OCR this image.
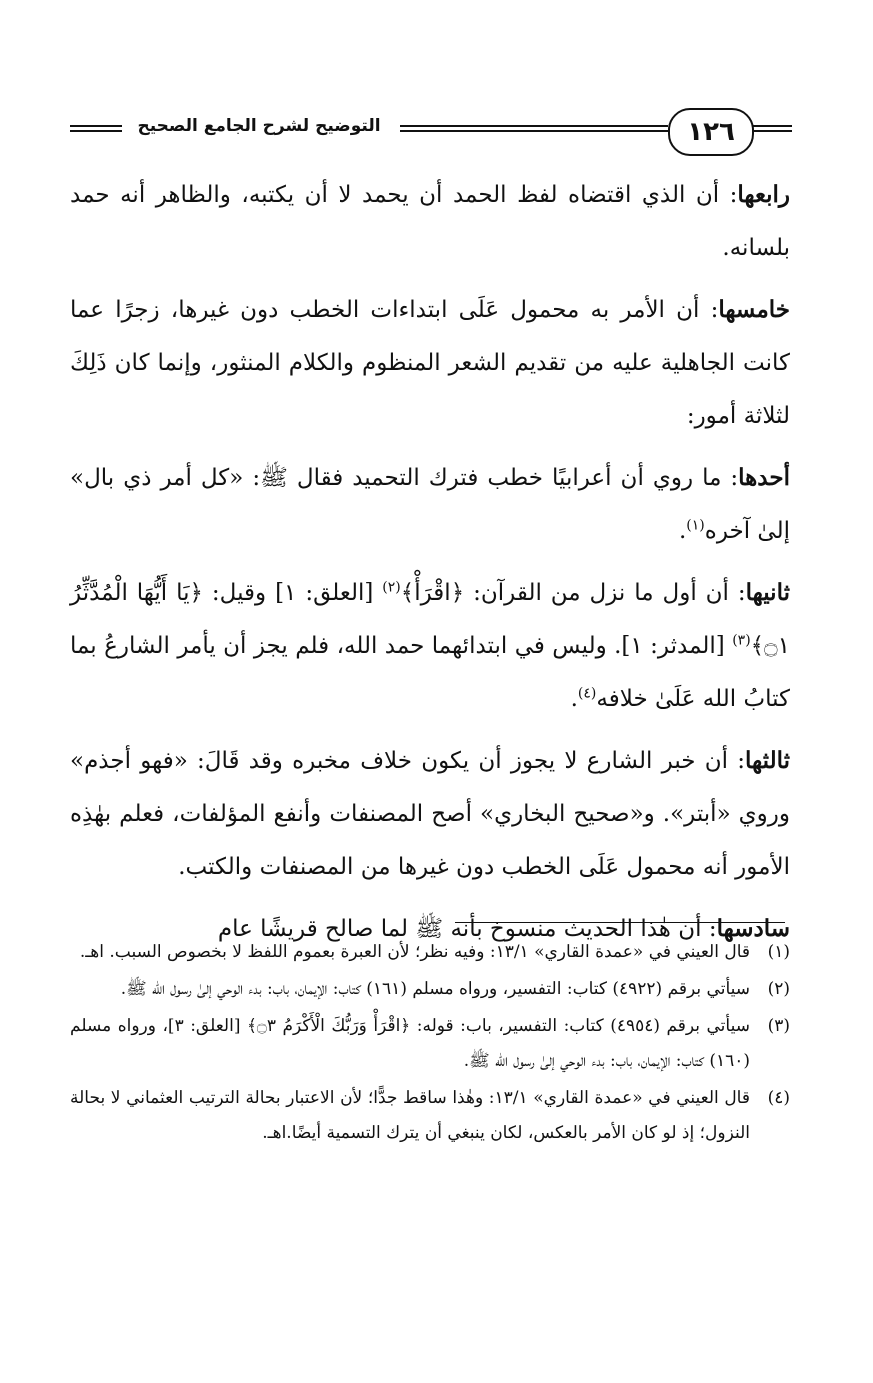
١٢٦
التوضيح لشرح الجامع الصحيح

رابعها: أن الذي اقتضاه لفظ الحمد أن يحمد لا أن يكتبه، والظاهر أنه حمد بلسانه.

خامسها: أن الأمر به محمول عَلَى ابتداءات الخطب دون غيرها، زجرًا عما كانت الجاهلية عليه من تقديم الشعر المنظوم والكلام المنثور، وإنما كان ذَلِكَ لثلاثة أمور:

أحدها: ما روي أن أعرابيًا خطب فترك التحميد فقال ﷺ: «كل أمر ذي بال» إلىٰ آخره$^{(١)}$.

ثانيها: أن أول ما نزل من القرآن: ﴿اقْرَأْ﴾$^{(٢)}$ [العلق: ١] وقيل: ﴿يَا أَيُّهَا الْمُدَّثِّرُ ۝١﴾$^{(٣)}$ [المدثر: ١]. وليس في ابتدائهما حمد الله، فلم يجز أن يأمر الشارعُ بما كتابُ الله عَلَىٰ خلافه$^{(٤)}$.

ثالثها: أن خبر الشارع لا يجوز أن يكون خلاف مخبره وقد قَالَ: «فهو أجذم» وروي «أبتر». و«صحيح البخاري» أصح المصنفات وأنفع المؤلفات، فعلم بهٰذِه الأمور أنه محمول عَلَى الخطب دون غيرها من المصنفات والكتب.

سادسها: أن هٰذا الحديث منسوخ بأنه ﷺ لما صالح قريشًا عام

(١)
قال العيني في «عمدة القاري» ١٣/١: وفيه نظر؛ لأن العبرة بعموم اللفظ لا بخصوص السبب. اهـ.
(٢)
سيأتي برقم (٤٩٢٢) كتاب: التفسير، ورواه مسلم (١٦١) كتاب: الإيمان، باب: بدء الوحي إلىٰ رسول الله ﷺ.
(٣)
سيأتي برقم (٤٩٥٤) كتاب: التفسير، باب: قوله: ﴿اقْرَأْ وَرَبُّكَ الْأَكْرَمُ ۝٣﴾ [العلق: ٣]، ورواه مسلم (١٦٠) كتاب: الإيمان، باب: بدء الوحي إلىٰ رسول الله ﷺ.
(٤)
قال العيني في «عمدة القاري» ١٣/١: وهٰذا ساقط جدًّا؛ لأن الاعتبار بحالة الترتيب العثماني لا بحالة النزول؛ إذ لو كان الأمر بالعكس، لكان ينبغي أن يترك التسمية أيضًا.اهـ.
